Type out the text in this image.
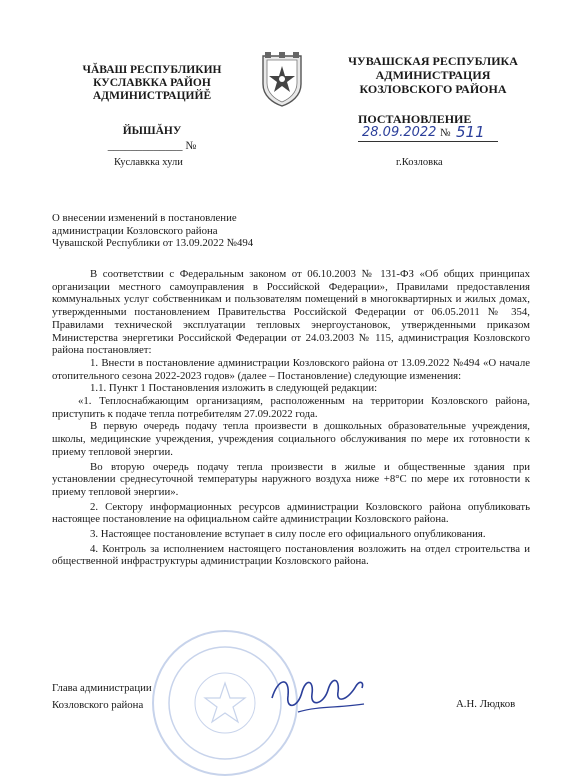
ЧĂВАШ РЕСПУБЛИКИН
КУСЛАВККА РАЙОН
АДМИНИСТРАЦИЙĔ
ЙЫШĂНУ
_____________ №
Куславкка хули
ЧУВАШСКАЯ РЕСПУБЛИКА
АДМИНИСТРАЦИЯ
КОЗЛОВСКОГО РАЙОНА
ПОСТАНОВЛЕНИЕ
28.09.2022 № 511
г.Козловка
О внесении изменений в постановление
администрации Козловского района
Чувашской Республики от 13.09.2022 №494

В соответствии с Федеральным законом от 06.10.2003 № 131-ФЗ «Об общих принципах организации местного самоуправления в Российской Федерации», Правилами предоставления коммунальных услуг собственникам и пользователям помещений в многоквартирных и жилых домах, утвержденными постановлением Правительства Российской Федерации от 06.05.2011 № 354, Правилами технической эксплуатации тепловых энергоустановок, утвержденными приказом Министерства энергетики Российской Федерации от 24.03.2003 № 115, администрация Козловского района постановляет:

1. Внести в постановление администрации Козловского района от 13.09.2022 №494 «О начале отопительного сезона 2022-2023 годов» (далее – Постановление) следующие изменения:

1.1. Пункт 1 Постановления изложить в следующей редакции:

«1. Теплоснабжающим организациям, расположенным на территории Козловского района, приступить к подаче тепла потребителям 27.09.2022 года.

В первую очередь подачу тепла произвести в дошкольных образовательные учреждения, школы, медицинские учреждения, учреждения социального обслуживания по мере их готовности к приему тепловой энергии.

Во вторую очередь подачу тепла произвести в жилые и общественные здания при установлении среднесуточной температуры наружного воздуха ниже +8°С по мере их готовности к приему тепловой энергии».

2. Сектору информационных ресурсов администрации Козловского района опубликовать настоящее постановление на официальном сайте администрации Козловского района.

3. Настоящее постановление вступает в силу после его официального опубликования.

4. Контроль за исполнением настоящего постановления возложить на отдел строительства и общественной инфраструктуры администрации Козловского района.

Глава администрации
Козловского района	А.Н. Людков
